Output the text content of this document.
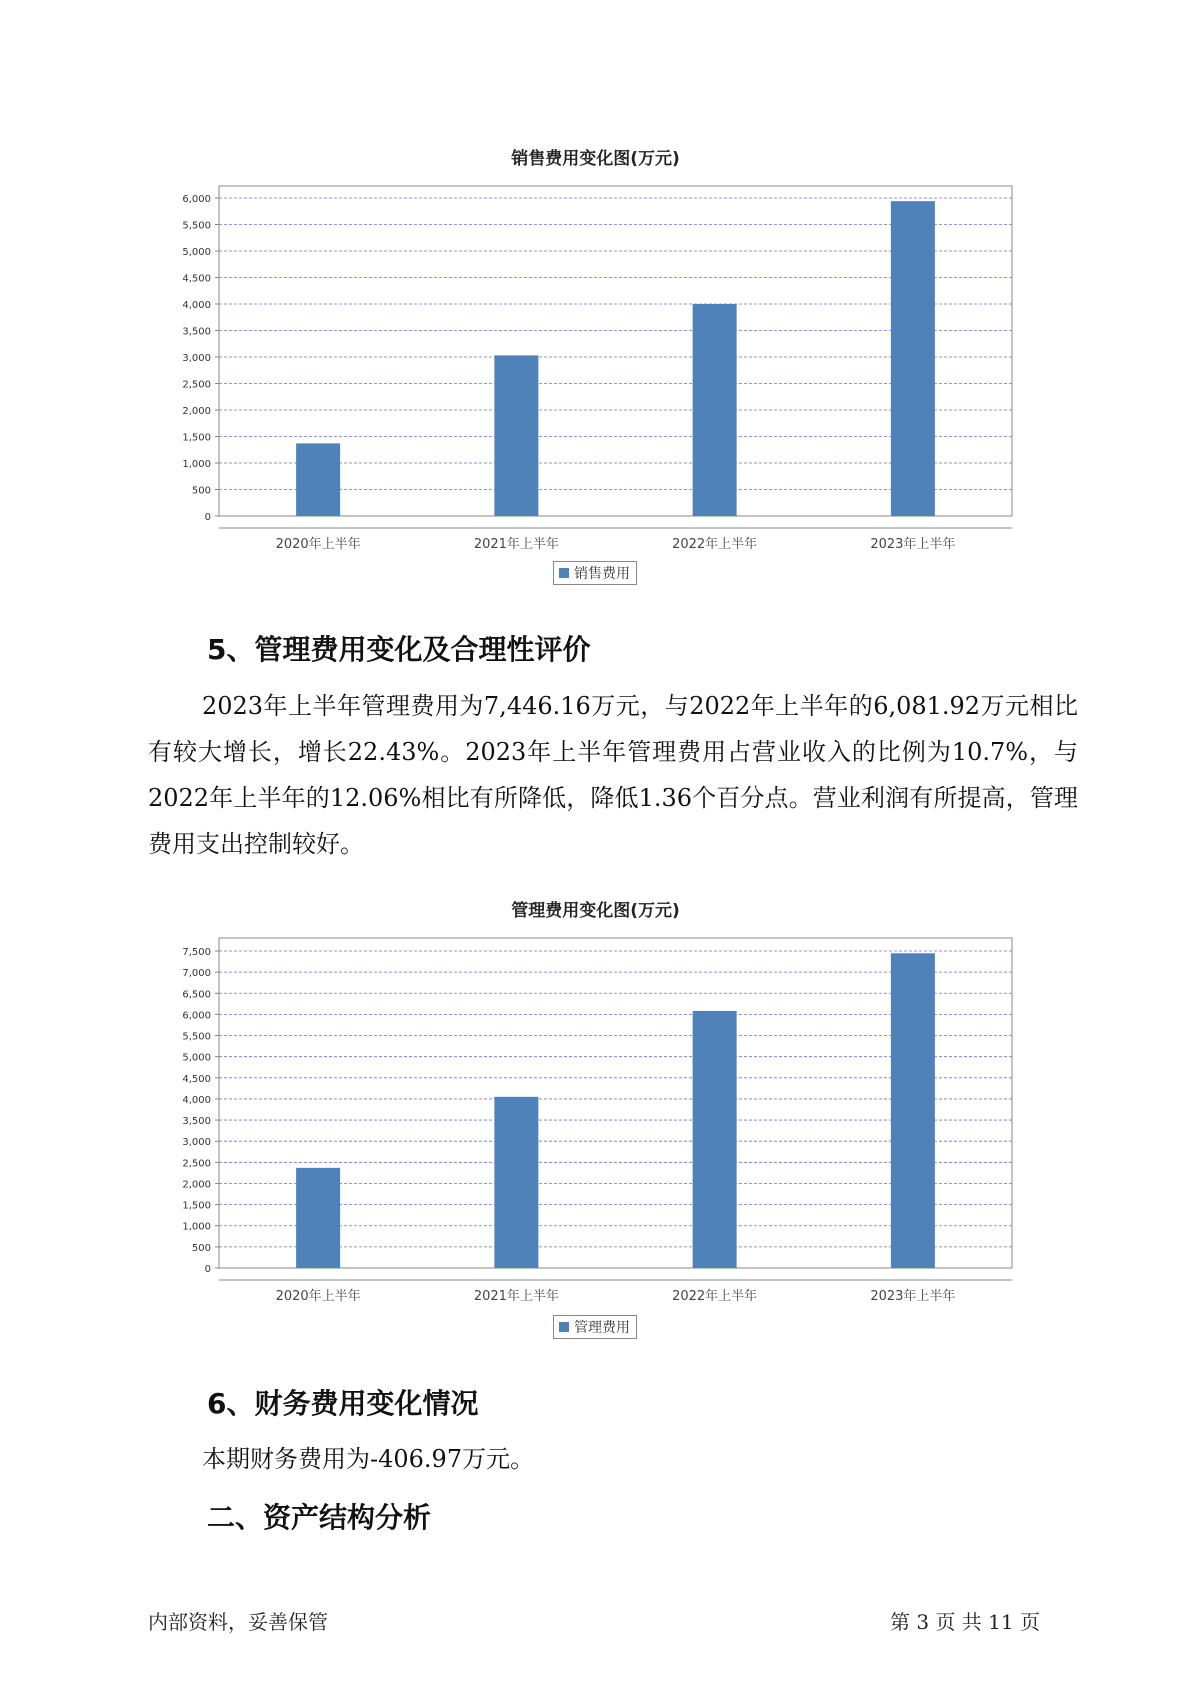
销售费用变化图(万元)
0
500
1,000
1,500
2,000
2,500
3,000
3,500
4,000
4,500
5,000
5,500
6,000
2020年上半年	2021年上半年	2022年上半年	2023年上半年
销售费用
5、管理费用变化及合理性评价
2023年上半年管理费用为7,446.16万元，与2022年上半年的6,081.92万元相比有较大增长，增长22.43%。2023年上半年管理费用占营业收入的比例为10.7%，与2022年上半年的12.06%相比有所降低，降低1.36个百分点。营业利润有所提高，管理费用支出控制较好。
管理费用变化图(万元)
0
500
1,000
1,500
2,000
2,500
3,000
3,500
4,000
4,500
5,000
5,500
6,000
6,500
7,000
7,500
2020年上半年	2021年上半年	2022年上半年	2023年上半年
管理费用
6、财务费用变化情况
本期财务费用为-406.97万元。
二、资产结构分析
内部资料，妥善保管	第 3 页 共 11 页
